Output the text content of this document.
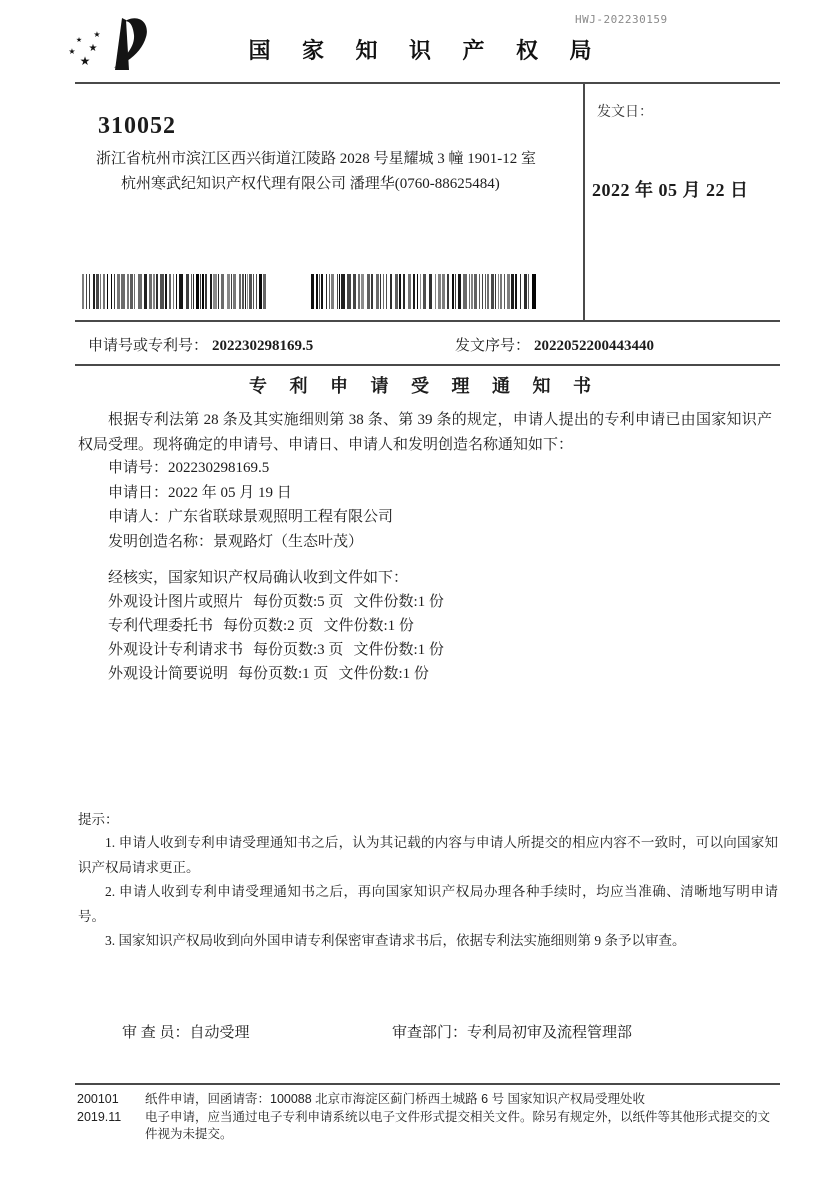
★
★
★
★
★
HWJ-202230159
国 家 知 识 产 权 局
310052
浙江省杭州市滨江区西兴街道江陵路 2028 号星耀城 3 幢 1901-12 室
杭州寒武纪知识产权代理有限公司 潘理华(0760-88625484)
发文日：
2022 年 05 月 22 日
申请号或专利号： 202230298169.5	发文序号： 2022052200443440
专 利 申 请 受 理 通 知 书
根据专利法第 28 条及其实施细则第 38 条、第 39 条的规定，申请人提出的专利申请已由国家知识产权局受理。现将确定的申请号、申请日、申请人和发明创造名称通知如下：
申请号：202230298169.5
申请日：2022 年 05 月 19 日
申请人：广东省联球景观照明工程有限公司
发明创造名称：景观路灯（生态叶茂）
经核实，国家知识产权局确认收到文件如下：
外观设计图片或照片 每份页数:5 页 文件份数:1 份
专利代理委托书 每份页数:2 页 文件份数:1 份
外观设计专利请求书 每份页数:3 页 文件份数:1 份
外观设计简要说明 每份页数:1 页 文件份数:1 份
提示：

1. 申请人收到专利申请受理通知书之后，认为其记载的内容与申请人所提交的相应内容不一致时，可以向国家知识产权局请求更正。

2. 申请人收到专利申请受理通知书之后，再向国家知识产权局办理各种手续时，均应当准确、清晰地写明申请号。

3. 国家知识产权局收到向外国申请专利保密审查请求书后，依据专利法实施细则第 9 条予以审查。

审 查 员：自动受理	审查部门：专利局初审及流程管理部
200101
2019.11
纸件申请，回函请寄：100088 北京市海淀区蓟门桥西土城路 6 号 国家知识产权局受理处收
电子申请，应当通过电子专利申请系统以电子文件形式提交相关文件。除另有规定外，以纸件等其他形式提交的文件视为未提交。
